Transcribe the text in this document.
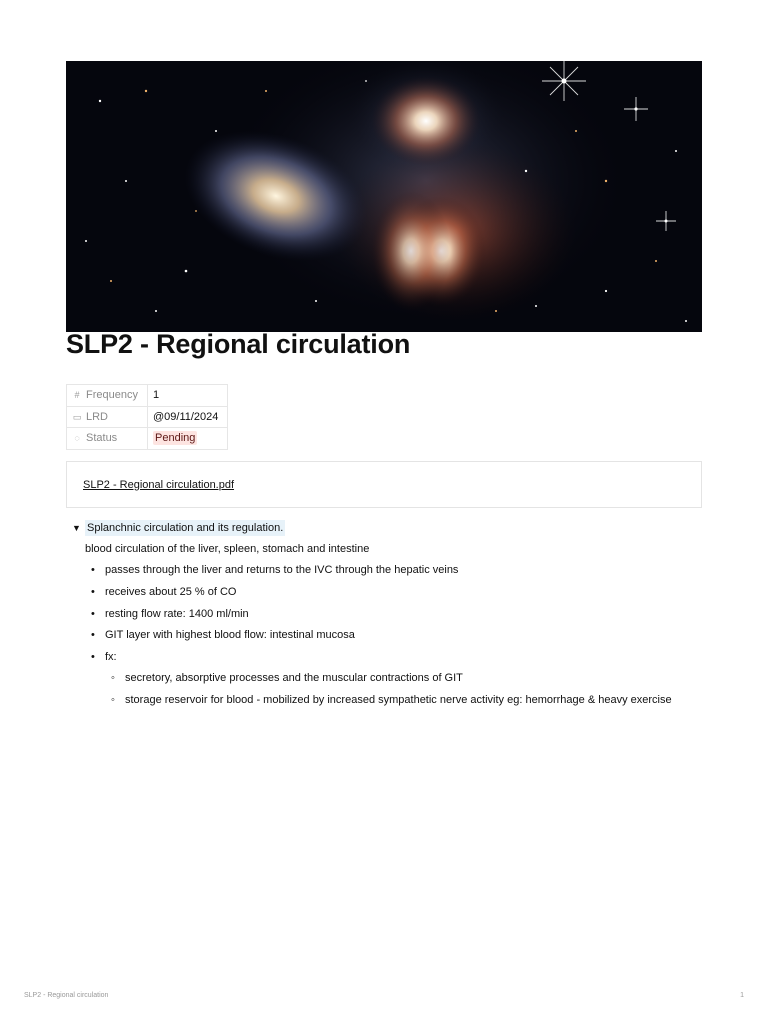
SLP2 - Regional circulation
# Frequency	1
▭ LRD	@09/11/2024
◌ Status	Pending
SLP2 - Regional circulation.pdf
▼ Splanchnic circulation and its regulation.
blood circulation of the liver, spleen, stomach and intestine
• passes through the liver and returns to the IVC through the hepatic veins
• receives about 25 % of CO
• resting flow rate: 1400 ml/min
• GIT layer with highest blood flow: intestinal mucosa
• fx:
◦ secretory, absorptive processes and the muscular contractions of GIT
◦ storage reservoir for blood - mobilized by increased sympathetic nerve activity eg: hemorrhage & heavy exercise
SLP2 - Regional circulation	1
